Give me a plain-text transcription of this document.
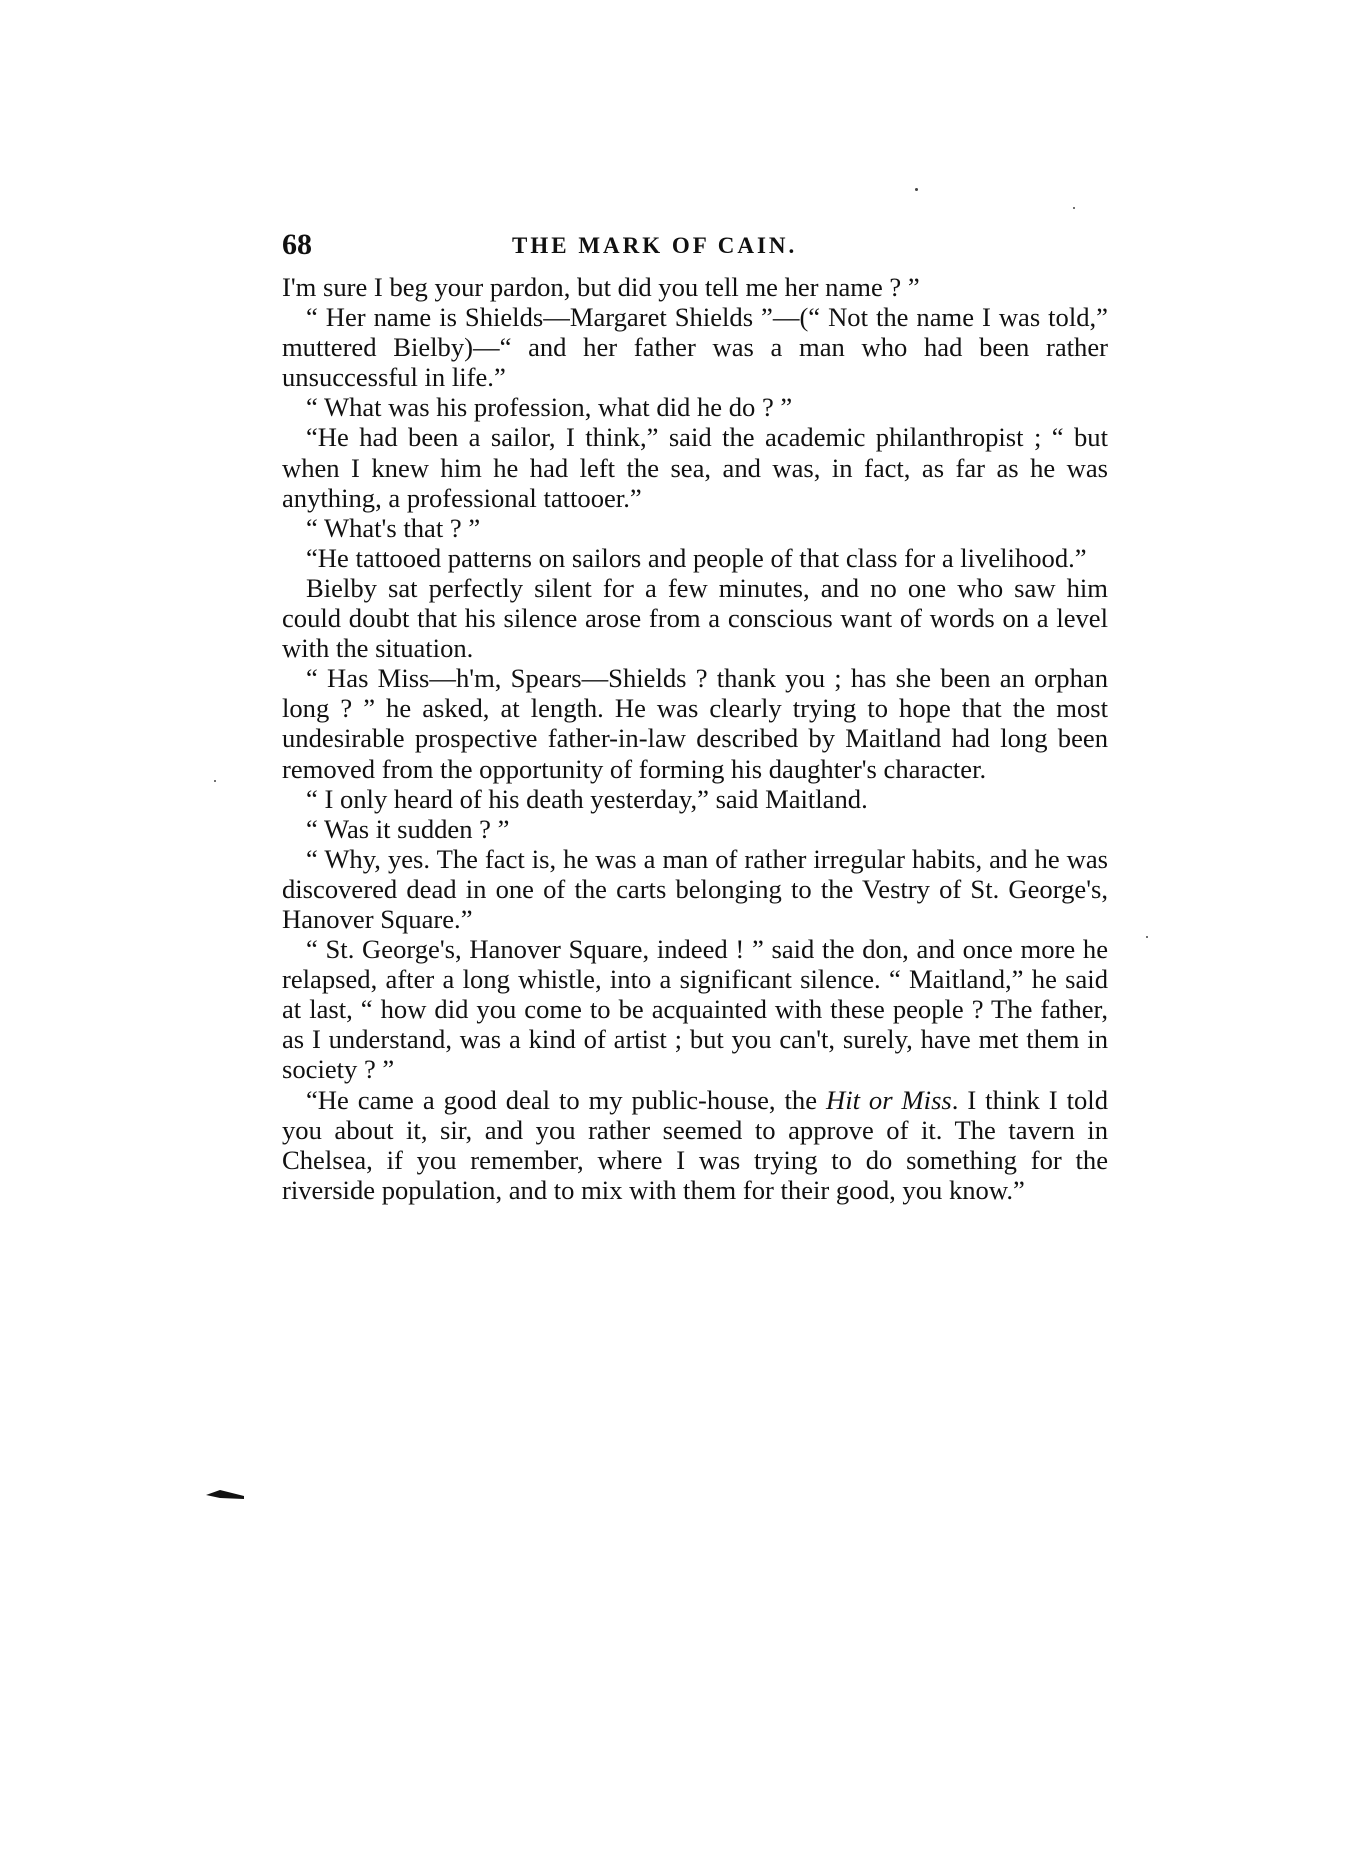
68	THE MARK OF CAIN.

I'm sure I beg your pardon, but did you tell me her name ? ”

“ Her name is Shields—Margaret Shields ”—(“ Not the name I was told,” muttered Bielby)—“ and her father was a man who had been rather unsuccessful in life.”

“ What was his profession, what did he do ? ”

“He had been a sailor, I think,” said the academic philanthropist ; “ but when I knew him he had left the sea, and was, in fact, as far as he was anything, a professional tattooer.”

“ What's that ? ”

“He tattooed patterns on sailors and people of that class for a livelihood.”

Bielby sat perfectly silent for a few minutes, and no one who saw him could doubt that his silence arose from a conscious want of words on a level with the situation.

“ Has Miss—h'm, Spears—Shields ? thank you ; has she been an orphan long ? ” he asked, at length. He was clearly trying to hope that the most undesirable prospective father-in-law described by Maitland had long been removed from the opportunity of forming his daughter's character.

“ I only heard of his death yesterday,” said Maitland.

“ Was it sudden ? ”

“ Why, yes. The fact is, he was a man of rather irregular habits, and he was discovered dead in one of the carts belonging to the Vestry of St. George's, Hanover Square.”

“ St. George's, Hanover Square, indeed ! ” said the don, and once more he relapsed, after a long whistle, into a significant silence. “ Maitland,” he said at last, “ how did you come to be acquainted with these people ? The father, as I understand, was a kind of artist ; but you can't, surely, have met them in society ? ”

“He came a good deal to my public-house, the Hit or Miss. I think I told you about it, sir, and you rather seemed to approve of it. The tavern in Chelsea, if you remember, where I was trying to do something for the riverside population, and to mix with them for their good, you know.”
